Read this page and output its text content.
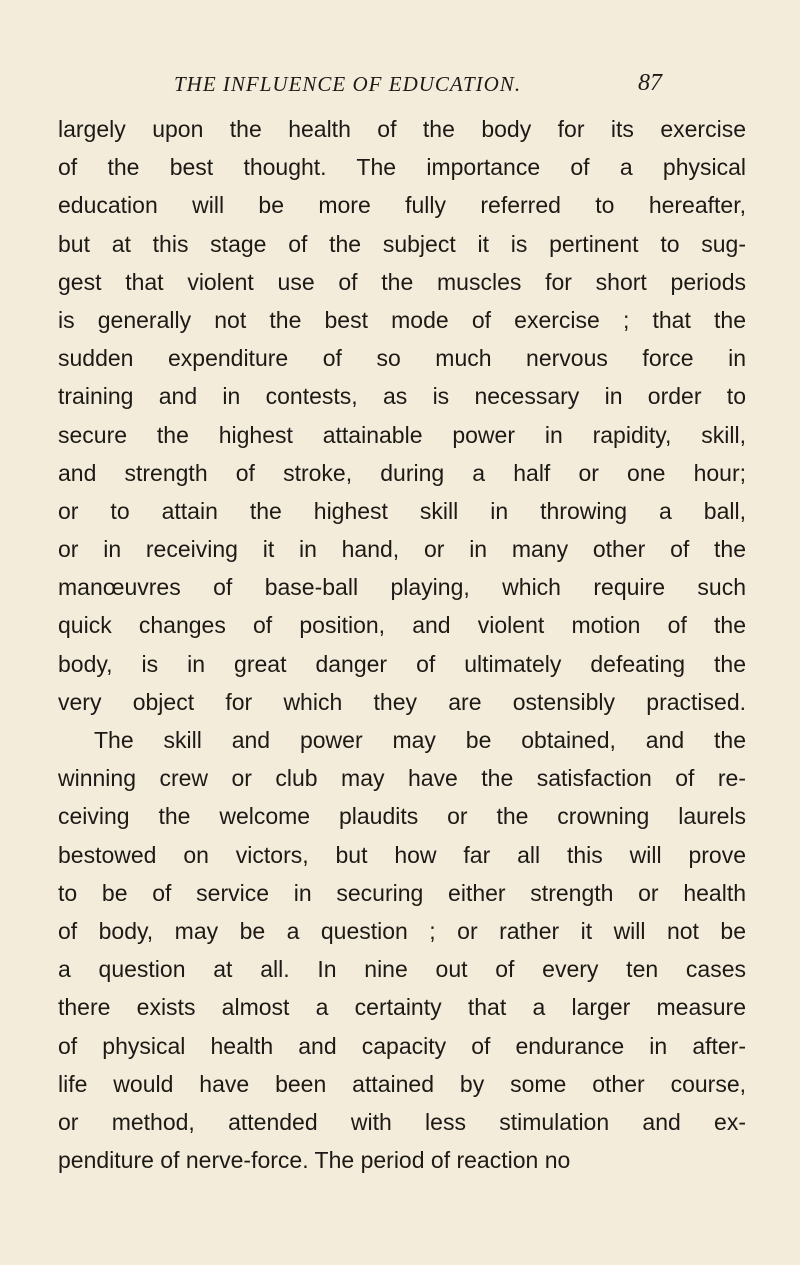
THE INFLUENCE OF EDUCATION.	87
largely upon the health of the body for its exercise
of the best thought. The importance of a physical
education will be more fully referred to hereafter,
but at this stage of the subject it is pertinent to sug-
gest that violent use of the muscles for short periods
is generally not the best mode of exercise ; that the
sudden expenditure of so much nervous force in
training and in contests, as is necessary in order to
secure the highest attainable power in rapidity, skill,
and strength of stroke, during a half or one hour;
or to attain the highest skill in throwing a ball,
or in receiving it in hand, or in many other of the
manœuvres of base-ball playing, which require such
quick changes of position, and violent motion of the
body, is in great danger of ultimately defeating the
very object for which they are ostensibly practised.
The skill and power may be obtained, and the
winning crew or club may have the satisfaction of re-
ceiving the welcome plaudits or the crowning laurels
bestowed on victors, but how far all this will prove
to be of service in securing either strength or health
of body, may be a question ; or rather it will not be
a question at all. In nine out of every ten cases
there exists almost a certainty that a larger measure
of physical health and capacity of endurance in after-
life would have been attained by some other course,
or method, attended with less stimulation and ex-
penditure of nerve-force. The period of reaction no
